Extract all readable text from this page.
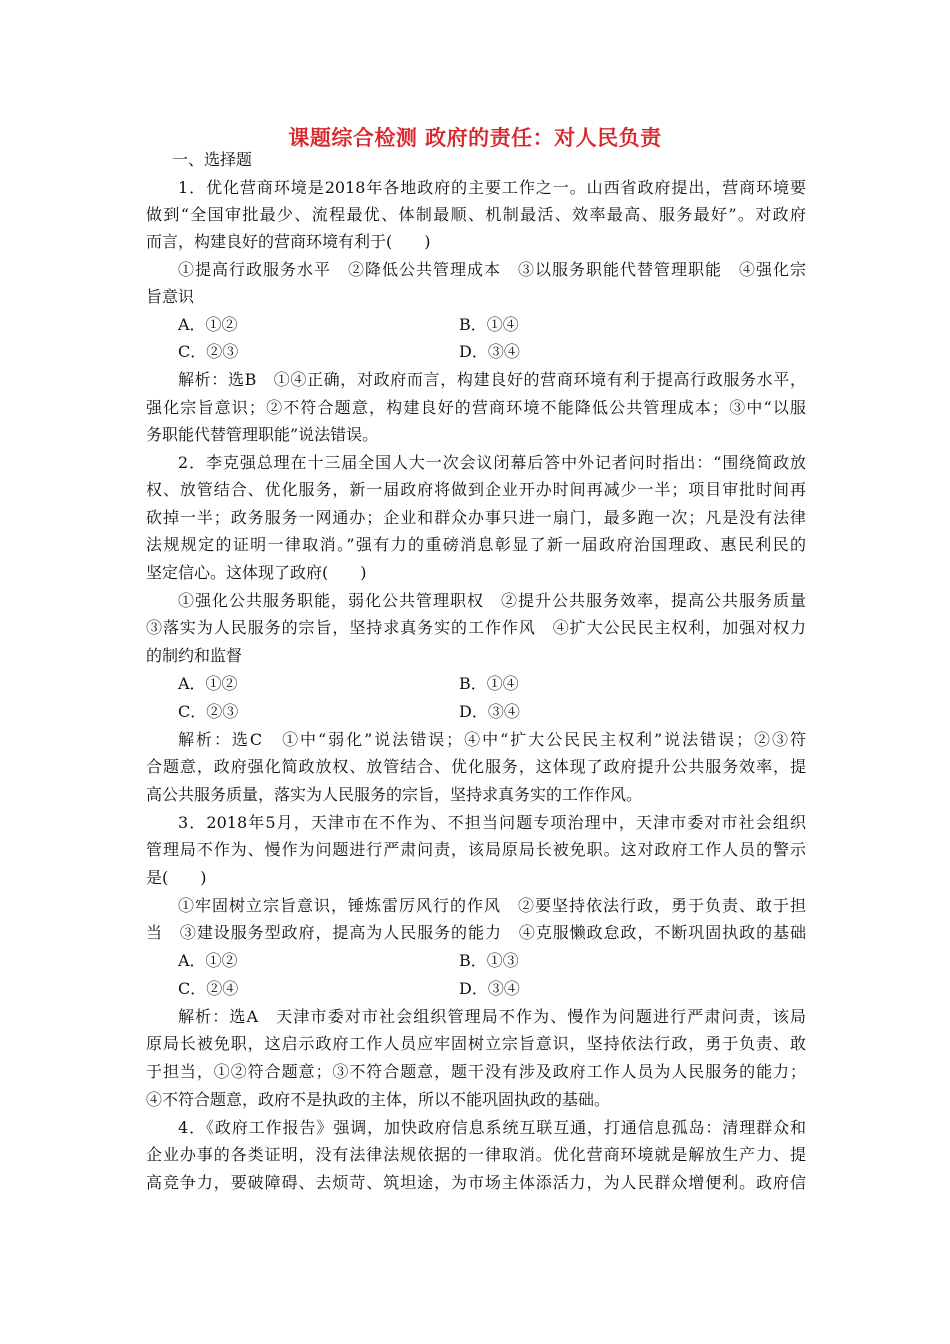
课题综合检测 政府的责任：对人民负责
一、选择题
1．优化营商环境是2018年各地政府的主要工作之一。山西省政府提出，营商环境要
做到“全国审批最少、流程最优、体制最顺、机制最活、效率最高、服务最好”。对政府
而言，构建良好的营商环境有利于(　　)
①提高行政服务水平　②降低公共管理成本　③以服务职能代替管理职能　④强化宗
旨意识
A．①②	B．①④
C．②③	D．③④
解析：选B　①④正确，对政府而言，构建良好的营商环境有利于提高行政服务水平，
强化宗旨意识；②不符合题意，构建良好的营商环境不能降低公共管理成本；③中“以服
务职能代替管理职能”说法错误。
2．李克强总理在十三届全国人大一次会议闭幕后答中外记者问时指出：“围绕简政放
权、放管结合、优化服务，新一届政府将做到企业开办时间再减少一半；项目审批时间再
砍掉一半；政务服务一网通办；企业和群众办事只进一扇门，最多跑一次；凡是没有法律
法规规定的证明一律取消。”强有力的重磅消息彰显了新一届政府治国理政、惠民利民的
坚定信心。这体现了政府(　　)
①强化公共服务职能，弱化公共管理职权　②提升公共服务效率，提高公共服务质量
③落实为人民服务的宗旨，坚持求真务实的工作作风　④扩大公民民主权利，加强对权力
的制约和监督
A．①②	B．①④
C．②③	D．③④
解析：选C　①中“弱化”说法错误；④中“扩大公民民主权利”说法错误；②③符
合题意，政府强化简政放权、放管结合、优化服务，这体现了政府提升公共服务效率，提
高公共服务质量，落实为人民服务的宗旨，坚持求真务实的工作作风。
3．2018年5月，天津市在不作为、不担当问题专项治理中，天津市委对市社会组织
管理局不作为、慢作为问题进行严肃问责，该局原局长被免职。这对政府工作人员的警示
是(　　)
①牢固树立宗旨意识，锤炼雷厉风行的作风　②要坚持依法行政，勇于负责、敢于担
当　③建设服务型政府，提高为人民服务的能力　④克服懒政怠政，不断巩固执政的基础
A．①②	B．①③
C．②④	D．③④
解析：选A　天津市委对市社会组织管理局不作为、慢作为问题进行严肃问责，该局
原局长被免职，这启示政府工作人员应牢固树立宗旨意识，坚持依法行政，勇于负责、敢
于担当，①②符合题意；③不符合题意，题干没有涉及政府工作人员为人民服务的能力；
④不符合题意，政府不是执政的主体，所以不能巩固执政的基础。
4．《政府工作报告》强调，加快政府信息系统互联互通，打通信息孤岛：清理群众和
企业办事的各类证明，没有法律法规依据的一律取消。优化营商环境就是解放生产力、提
高竞争力，要破障碍、去烦苛、筑坦途，为市场主体添活力，为人民群众增便利。政府信
